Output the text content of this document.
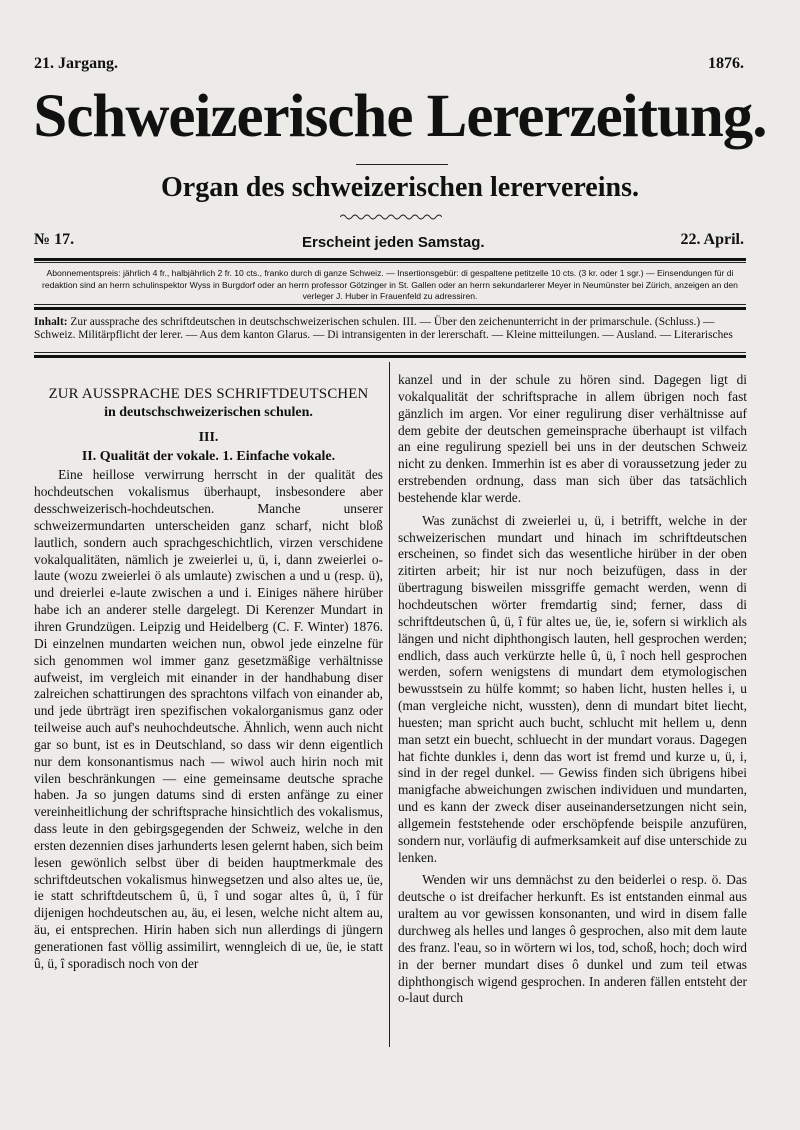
21. Jargang.	1876.
Schweizerische Lererzeitung.
Organ des schweizerischen lerervereins.
№ 17.	Erscheint jeden Samstag.	22. April.
Abonnementspreis: jährlich 4 fr., halbjährlich 2 fr. 10 cts., franko durch di ganze Schweiz. — Insertionsgebür: di gespaltene petitzelle 10 cts. (3 kr. oder 1 sgr.) — Einsendungen für di redaktion sind an herrn schulinspektor Wyss in Burgdorf oder an herrn professor Götzinger in St. Gallen oder an herrn sekundarlerer Meyer in Neumünster bei Zürich, anzeigen an den verleger J. Huber in Frauenfeld zu adressiren.
Inhalt: Zur aussprache des schriftdeutschen in deutschschweizerischen schulen. III. — Über den zeichenunterricht in der primarschule. (Schluss.) — Schweiz. Militärpflicht der lerer. — Aus dem kanton Glarus. — Di intransigenten in der lererschaft. — Kleine mitteilungen. — Ausland. — Literarisches

ZUR AUSSPRACHE DES SCHRIFTDEUTSCHEN

in deutschschweizerischen schulen.

III.

II. Qualität der vokale. 1. Einfache vokale.

Eine heillose verwirrung herrscht in der qualität des hochdeutschen vokalismus überhaupt, insbesondere aber desschweizerisch-hochdeutschen. Manche unserer schweizermundarten unterscheiden ganz scharf, nicht bloß lautlich, sondern auch sprachgeschichtlich, virzen verschidene vokalqualitäten, nämlich je zweierlei u, ü, i, dann zweierlei o-laute (wozu zweierlei ö als umlaute) zwischen a und u (resp. ü), und dreierlei e-laute zwischen a und i. Einiges nähere hirüber habe ich an anderer stelle dargelegt. Di Kerenzer Mundart in ihren Grundzügen. Leipzig und Heidelberg (C. F. Winter) 1876. Di einzelnen mundarten weichen nun, obwol jede einzelne für sich genommen wol immer ganz gesetzmäßige verhältnisse aufweist, im vergleich mit einander in der handhabung diser zalreichen schattirungen des sprachtons vilfach von einander ab, und jede übrträgt iren spezifischen vokalorganismus ganz oder teilweise auch auf's neuhochdeutsche. Ähnlich, wenn auch nicht gar so bunt, ist es in Deutschland, so dass wir denn eigentlich nur dem konsonantismus nach — wiwol auch hirin noch mit vilen beschränkungen — eine gemeinsame deutsche sprache haben. Ja so jungen datums sind di ersten anfänge zu einer vereinheitlichung der schriftsprache hinsichtlich des vokalismus, dass leute in den gebirgsgegenden der Schweiz, welche in den ersten dezennien dises jarhunderts lesen gelernt haben, sich beim lesen gewönlich selbst über di beiden hauptmerkmale des schriftdeutschen vokalismus hinwegsetzen und also altes ue, üe, ie statt schriftdeutschem û, ü, î und sogar altes û, ü, î für dijenigen hochdeutschen au, äu, ei lesen, welche nicht altem au, äu, ei entsprechen. Hirin haben sich nun allerdings di jüngern generationen fast völlig assimilirt, wenngleich di ue, üe, ie statt û, ü, î sporadisch noch von der

kanzel und in der schule zu hören sind. Dagegen ligt di vokalqualität der schriftsprache in allem übrigen noch fast gänzlich im argen. Vor einer regulirung diser verhältnisse auf dem gebite der deutschen gemeinsprache überhaupt ist vilfach an eine regulirung speziell bei uns in der deutschen Schweiz nicht zu denken. Immerhin ist es aber di voraussetzung jeder zu erstrebenden ordnung, dass man sich über das tatsächlich bestehende klar werde.

Was zunächst di zweierlei u, ü, i betrifft, welche in der schweizerischen mundart und hinach im schriftdeutschen erscheinen, so findet sich das wesentliche hirüber in der oben zitirten arbeit; hir ist nur noch beizufügen, dass in der übertragung bisweilen missgriffe gemacht werden, wenn di hochdeutschen wörter fremdartig sind; ferner, dass di schriftdeutschen û, ü, î für altes ue, üe, ie, sofern si wirklich als längen und nicht diphthongisch lauten, hell gesprochen werden; endlich, dass auch verkürzte helle û, ü, î noch hell gesprochen werden, sofern wenigstens di mundart dem etymologischen bewusstsein zu hülfe kommt; so haben licht, husten helles i, u (man vergleiche nicht, wussten), denn di mundart bitet liecht, huesten; man spricht auch bucht, schlucht mit hellem u, denn man setzt ein buecht, schluecht in der mundart voraus. Dagegen hat fichte dunkles i, denn das wort ist fremd und kurze u, ü, i, sind in der regel dunkel. — Gewiss finden sich übrigens hibei manigfache abweichungen zwischen individuen und mundarten, und es kann der zweck diser auseinandersetzungen nicht sein, allgemein feststehende oder erschöpfende beispile anzufüren, sondern nur, vorläufig di aufmerksamkeit auf dise unterschide zu lenken.

Wenden wir uns demnächst zu den beiderlei o resp. ö. Das deutsche o ist dreifacher herkunft. Es ist entstanden einmal aus uraltem au vor gewissen konsonanten, und wird in disem falle durchweg als helles und langes ô gesprochen, also mit dem laute des franz. l'eau, so in wörtern wi los, tod, schoß, hoch; doch wird in der berner mundart dises ô dunkel und zum teil etwas diphthongisch wigend gesprochen. In anderen fällen entsteht der o-laut durch
